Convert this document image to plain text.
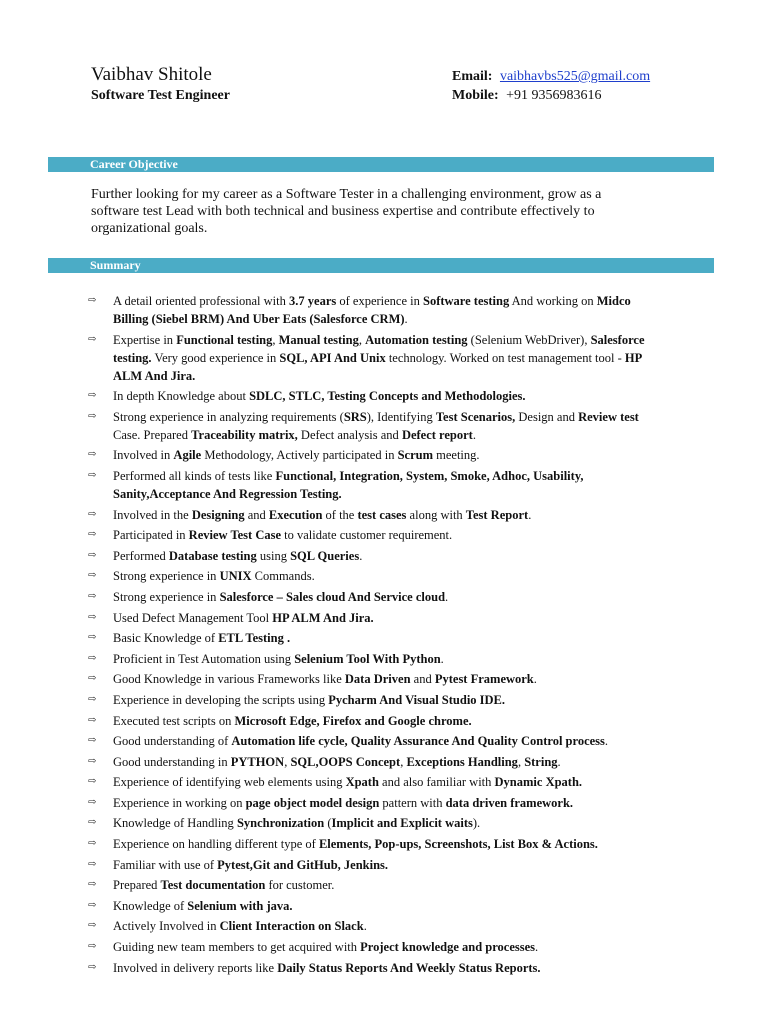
Vaibhav Shitole
Software Test Engineer
Email: vaibhavbs525@gmail.com
Mobile: +91 9356983616
Career Objective
Further looking for my career as a Software Tester in a challenging environment, grow as a software test Lead with both technical and business expertise and contribute effectively to organizational goals.
Summary
⇨ A detail oriented professional with 3.7 years of experience in Software testing And working on Midco Billing (Siebel BRM) And Uber Eats (Salesforce CRM).
⇨ Expertise in Functional testing, Manual testing, Automation testing (Selenium WebDriver), Salesforce testing. Very good experience in SQL, API And Unix technology. Worked on test management tool - HP ALM And Jira.
⇨ In depth Knowledge about SDLC, STLC, Testing Concepts and Methodologies.
⇨ Strong experience in analyzing requirements (SRS), Identifying Test Scenarios, Design and Review test Case. Prepared Traceability matrix, Defect analysis and Defect report.
⇨ Involved in Agile Methodology, Actively participated in Scrum meeting.
⇨ Performed all kinds of tests like Functional, Integration, System, Smoke, Adhoc, Usability, Sanity,Acceptance And Regression Testing.
⇨ Involved in the Designing and Execution of the test cases along with Test Report.
⇨ Participated in Review Test Case to validate customer requirement.
⇨ Performed Database testing using SQL Queries.
⇨ Strong experience in UNIX Commands.
⇨ Strong experience in Salesforce – Sales cloud And Service cloud.
⇨ Used Defect Management Tool HP ALM And Jira.
⇨ Basic Knowledge of ETL Testing .
⇨ Proficient in Test Automation using Selenium Tool With Python.
⇨ Good Knowledge in various Frameworks like Data Driven and Pytest Framework.
⇨ Experience in developing the scripts using Pycharm And Visual Studio IDE.
⇨ Executed test scripts on Microsoft Edge, Firefox and Google chrome.
⇨ Good understanding of Automation life cycle, Quality Assurance And Quality Control process.
⇨ Good understanding in PYTHON, SQL,OOPS Concept, Exceptions Handling, String.
⇨ Experience of identifying web elements using Xpath and also familiar with Dynamic Xpath.
⇨ Experience in working on page object model design pattern with data driven framework.
⇨ Knowledge of Handling Synchronization (Implicit and Explicit waits).
⇨ Experience on handling different type of Elements, Pop-ups, Screenshots, List Box & Actions.
⇨ Familiar with use of Pytest,Git and GitHub, Jenkins.
⇨ Prepared Test documentation for customer.
⇨ Knowledge of Selenium with java.
⇨ Actively Involved in Client Interaction on Slack.
⇨ Guiding new team members to get acquired with Project knowledge and processes.
⇨ Involved in delivery reports like Daily Status Reports And Weekly Status Reports.
